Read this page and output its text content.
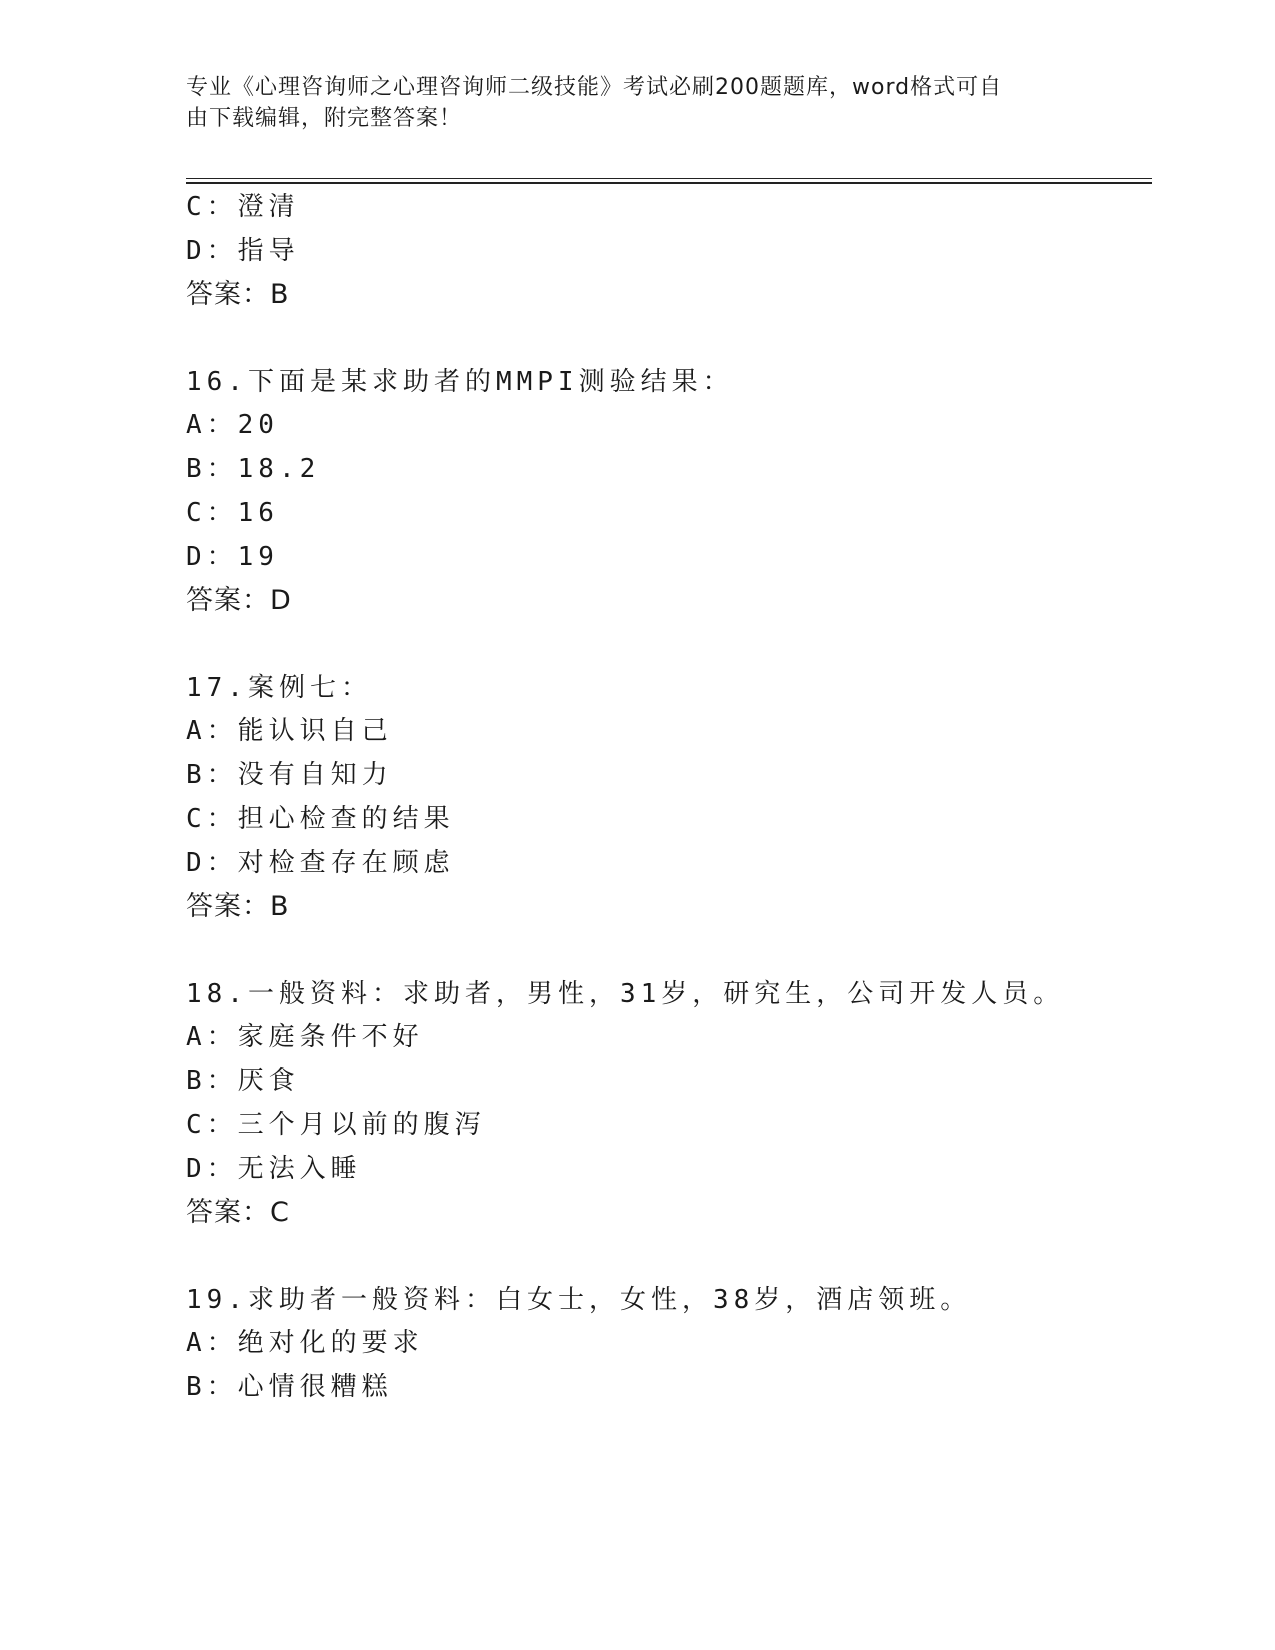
专业《心理咨询师之心理咨询师二级技能》考试必刷200题题库，word格式可自
由下载编辑，附完整答案！
C：澄清
D：指导
答案：B
16.下面是某求助者的MMPI测验结果：
A：20
B：18.2
C：16
D：19
答案：D
17.案例七：
A：能认识自己
B：没有自知力
C：担心检查的结果
D：对检查存在顾虑
答案：B
18.一般资料：求助者，男性，31岁，研究生，公司开发人员。
A：家庭条件不好
B：厌食
C：三个月以前的腹泻
D：无法入睡
答案：C
19.求助者一般资料：白女士，女性，38岁，酒店领班。
A：绝对化的要求
B：心情很糟糕
